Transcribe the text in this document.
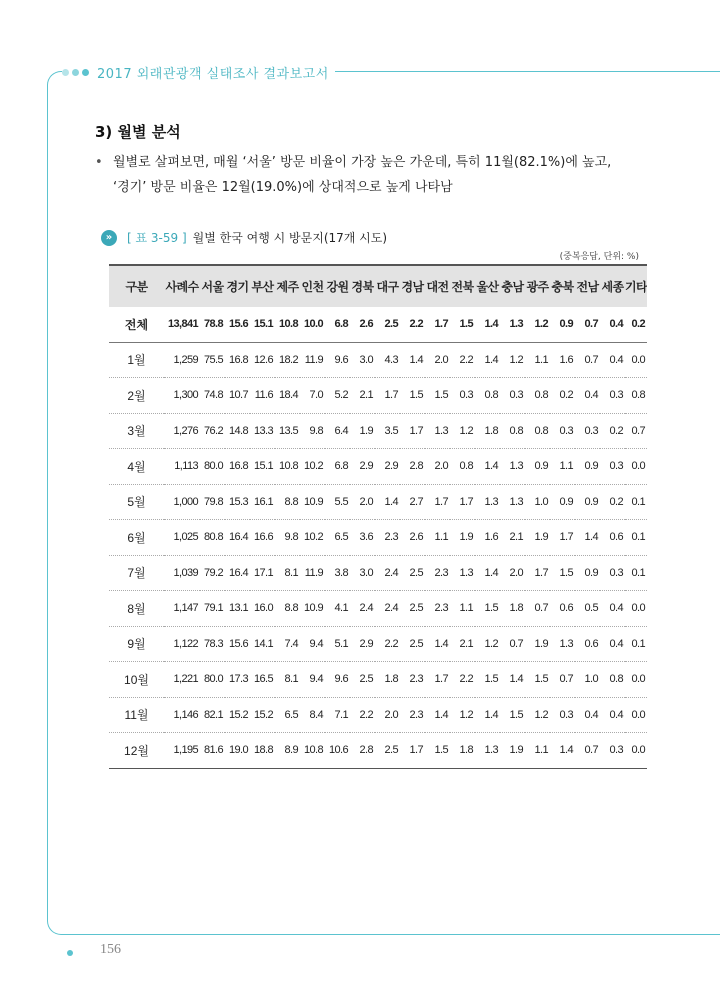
2017 외래관광객 실태조사 결과보고서
3) 월별 분석
• 월별로 살펴보면, 매월 ‘서울’ 방문 비율이 가장 높은 가운데, 특히 11월(82.1%)에 높고,
‘경기’ 방문 비율은 12월(19.0%)에 상대적으로 높게 나타남
»	[ 표 3-59 ] 월별 한국 여행 시 방문지(17개 시도)
(중복응답, 단위: %)
구분	사례수	서울	경기	부산	제주	인천	강원	경북	대구	경남	대전	전북	울산	충남	광주	충북	전남	세종	기타
전체	13,841	78.8	15.6	15.1	10.8	10.0	6.8	2.6	2.5	2.2	1.7	1.5	1.4	1.3	1.2	0.9	0.7	0.4	0.2
1월	1,259	75.5	16.8	12.6	18.2	11.9	9.6	3.0	4.3	1.4	2.0	2.2	1.4	1.2	1.1	1.6	0.7	0.4	0.0
2월	1,300	74.8	10.7	11.6	18.4	7.0	5.2	2.1	1.7	1.5	1.5	0.3	0.8	0.3	0.8	0.2	0.4	0.3	0.8
3월	1,276	76.2	14.8	13.3	13.5	9.8	6.4	1.9	3.5	1.7	1.3	1.2	1.8	0.8	0.8	0.3	0.3	0.2	0.7
4월	1,113	80.0	16.8	15.1	10.8	10.2	6.8	2.9	2.9	2.8	2.0	0.8	1.4	1.3	0.9	1.1	0.9	0.3	0.0
5월	1,000	79.8	15.3	16.1	8.8	10.9	5.5	2.0	1.4	2.7	1.7	1.7	1.3	1.3	1.0	0.9	0.9	0.2	0.1
6월	1,025	80.8	16.4	16.6	9.8	10.2	6.5	3.6	2.3	2.6	1.1	1.9	1.6	2.1	1.9	1.7	1.4	0.6	0.1
7월	1,039	79.2	16.4	17.1	8.1	11.9	3.8	3.0	2.4	2.5	2.3	1.3	1.4	2.0	1.7	1.5	0.9	0.3	0.1
8월	1,147	79.1	13.1	16.0	8.8	10.9	4.1	2.4	2.4	2.5	2.3	1.1	1.5	1.8	0.7	0.6	0.5	0.4	0.0
9월	1,122	78.3	15.6	14.1	7.4	9.4	5.1	2.9	2.2	2.5	1.4	2.1	1.2	0.7	1.9	1.3	0.6	0.4	0.1
10월	1,221	80.0	17.3	16.5	8.1	9.4	9.6	2.5	1.8	2.3	1.7	2.2	1.5	1.4	1.5	0.7	1.0	0.8	0.0
11월	1,146	82.1	15.2	15.2	6.5	8.4	7.1	2.2	2.0	2.3	1.4	1.2	1.4	1.5	1.2	0.3	0.4	0.4	0.0
12월	1,195	81.6	19.0	18.8	8.9	10.8	10.6	2.8	2.5	1.7	1.5	1.8	1.3	1.9	1.1	1.4	0.7	0.3	0.0
156
